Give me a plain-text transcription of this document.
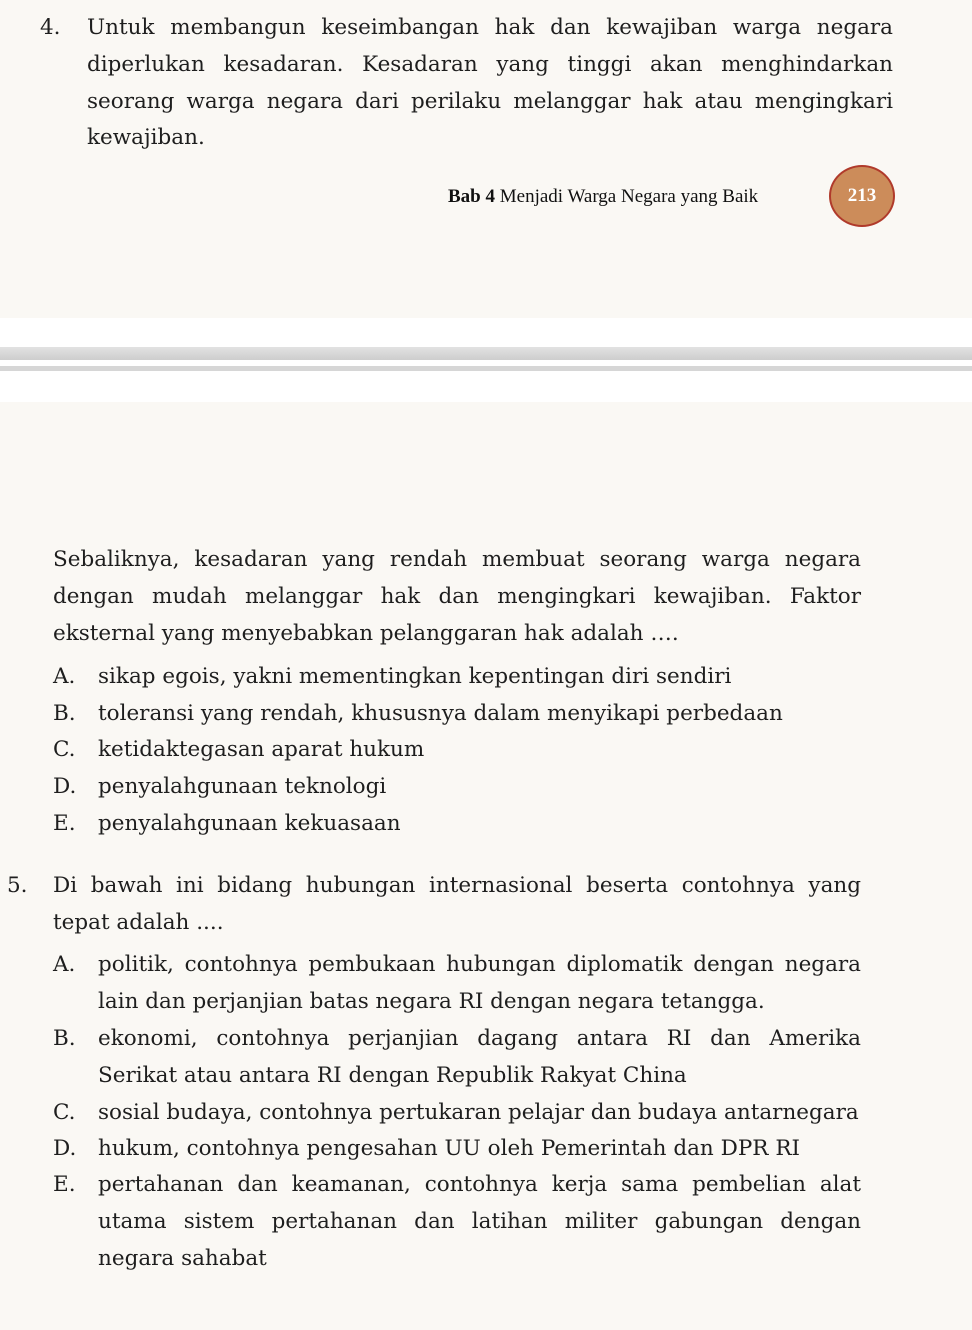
4. Untuk membangun keseimbangan hak dan kewajiban warga negara diperlukan kesadaran. Kesadaran yang tinggi akan menghindarkan seorang warga negara dari perilaku melanggar hak atau mengingkari kewajiban.

Bab 4 Menjadi Warga Negara yang Baik	213

Sebaliknya, kesadaran yang rendah membuat seorang warga negara dengan mudah melanggar hak dan mengingkari kewajiban. Faktor eksternal yang menyebabkan pelanggaran hak adalah ….

A. sikap egois, yakni mementingkan kepentingan diri sendiri
B. toleransi yang rendah, khususnya dalam menyikapi perbedaan
C. ketidaktegasan aparat hukum
D. penyalahgunaan teknologi
E. penyalahgunaan kekuasaan

5. Di bawah ini bidang hubungan internasional beserta contohnya yang tepat adalah ....

A. politik, contohnya pembukaan hubungan diplomatik dengan negara lain dan perjanjian batas negara RI dengan negara tetangga.
B. ekonomi, contohnya perjanjian dagang antara RI dan Amerika Serikat atau antara RI dengan Republik Rakyat China
C. sosial budaya, contohnya pertukaran pelajar dan budaya antarnegara
D. hukum, contohnya pengesahan UU oleh Pemerintah dan DPR RI
E. pertahanan dan keamanan, contohnya kerja sama pembelian alat utama sistem pertahanan dan latihan militer gabungan dengan negara sahabat
